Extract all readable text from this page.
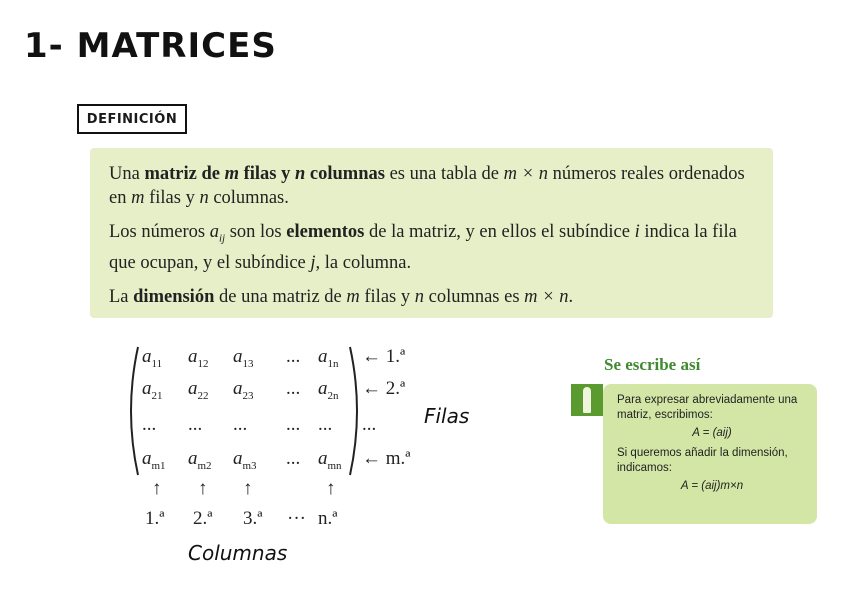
1- MATRICES
DEFINICIÓN

Una matriz de m filas y n columnas es una tabla de m × n números reales ordenados en m filas y n columnas.

Los números $a_{ij}$ son los elementos de la matriz, y en ellos el subíndice i indica la fila que ocupan, y el subíndice j, la columna.

La dimensión de una matriz de m filas y n columnas es m × n.

$a_{11}$ $a_{12}$ $a_{13}$ ... $a_{1n}$
$a_{21}$ $a_{22}$ $a_{23}$ ... $a_{2n}$
... ... ... ... ...
$a_{m1}$ $a_{m2}$ $a_{m3}$ ... $a_{mn}$
← 1.ª
← 2.ª
...
← m.ª
↑ ↑ ↑	↑
1.ª 2.ª 3.ª ··· n.ª
Filas
Columnas
Se escribe así
Para expresar abreviadamente una matriz, escribimos:
A = (aij)
Si queremos añadir la dimensión, indicamos:
A = (aij)m×n
